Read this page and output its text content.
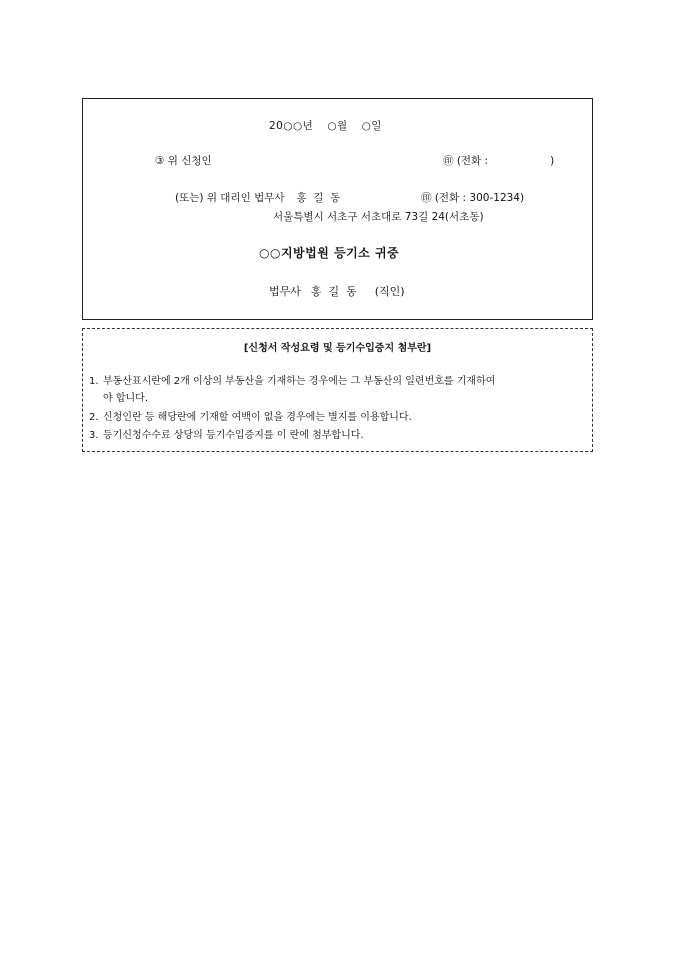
20○○년 ○월 ○일
③ 위 신청인	㊞ (전화 :	)
(또는) 위 대리인 법무사 홍  길  동	㊞ (전화 : 300-1234)
서울특별시 서초구 서초대로 73길 24(서초동)
○○지방법원 등기소 귀중
법무사 홍  길  동 (직인)
[신청서 작성요령 및 등기수입증지 첨부란]
1. 부동산표시란에 2개 이상의 부동산을 기재하는 경우에는 그 부동산의 일련번호를 기재하여
야 합니다.
2. 신청인란 등 해당란에 기재할 여백이 없을 경우에는 별지를 이용합니다.
3. 등기신청수수료 상당의 등기수입증지를 이 란에 첨부합니다.
